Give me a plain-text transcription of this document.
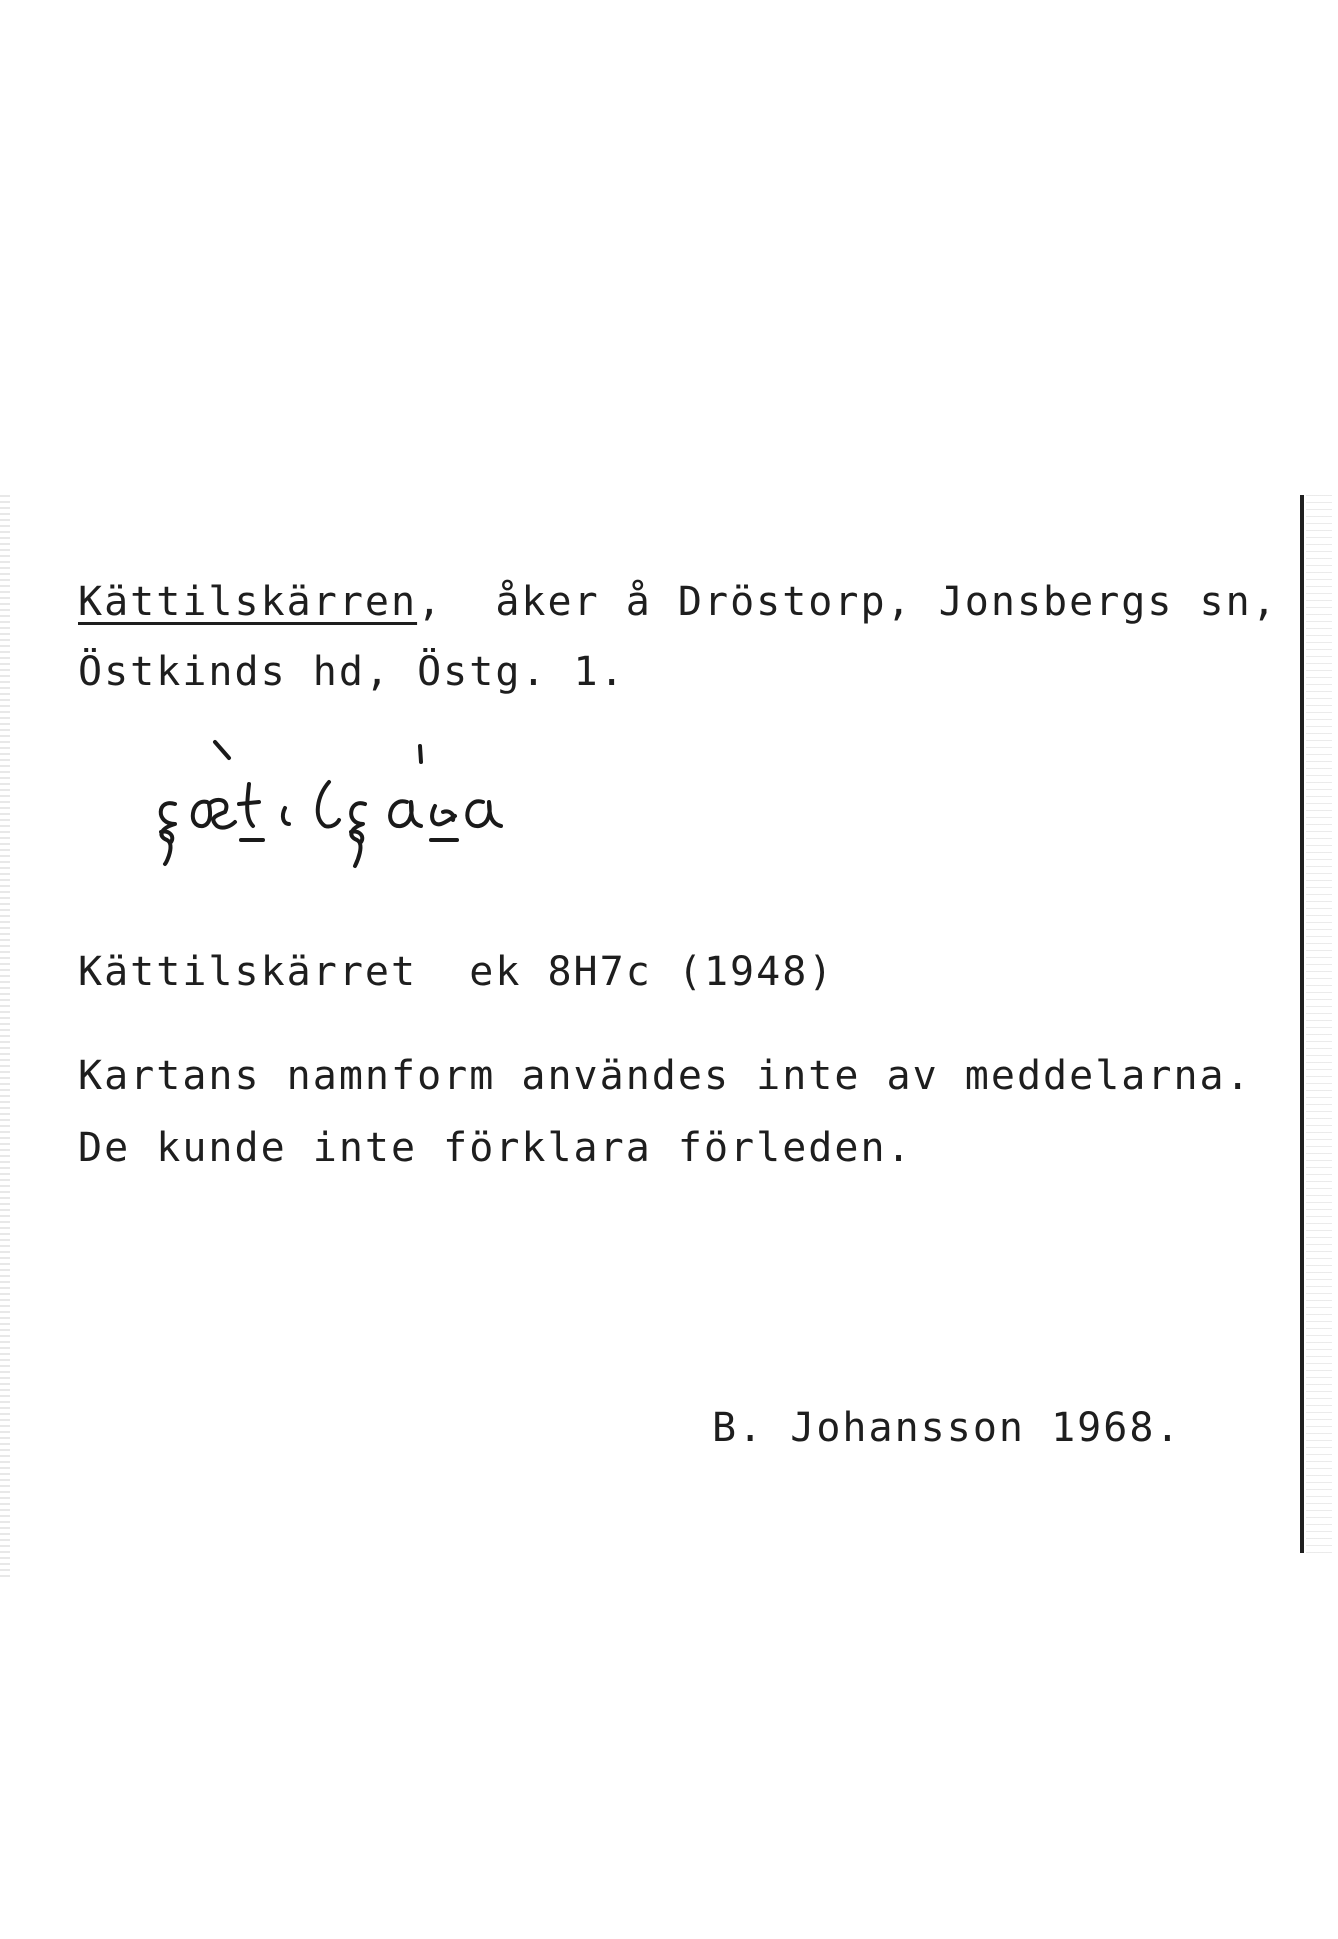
Kättilskärren,  åker å Dröstorp, Jonsbergs sn,
Östkinds hd, Östg. 1.
Kättilskärret  ek 8H7c (1948)
Kartans namnform användes inte av meddelarna.
De kunde inte förklara förleden.
B. Johansson 1968.
